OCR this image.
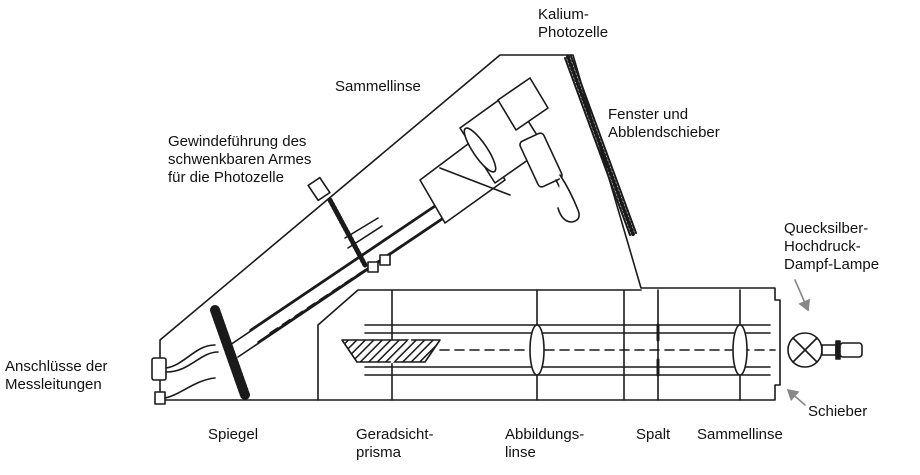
Kalium-
Photozelle
Sammellinse
Fenster und
Abblendschieber
Gewindeführung des
schwenkbaren Armes
für die Photozelle
Quecksilber-
Hochdruck-
Dampf-Lampe
Anschlüsse der
Messleitungen
Schieber
Spiegel	Geradsicht-
prisma
Abbildungs-
linse
Spalt Sammellinse
